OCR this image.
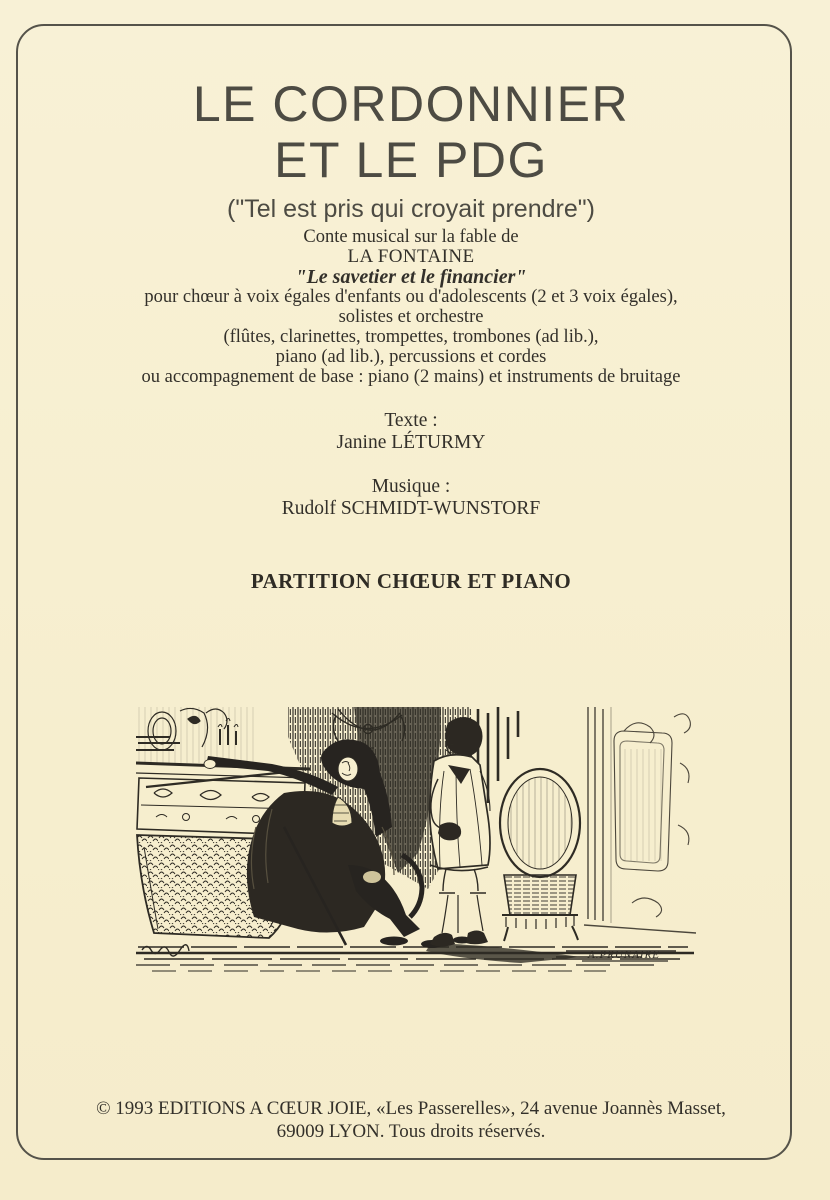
LE CORDONNIER
ET LE PDG
("Tel est pris qui croyait prendre")
Conte musical sur la fable de
LA FONTAINE
"Le savetier et le financier"
pour chœur à voix égales d'enfants ou d'adolescents (2 et 3 voix égales),
solistes et orchestre
(flûtes, clarinettes, trompettes, trombones (ad lib.),
piano (ad lib.), percussions et cordes
ou accompagnement de base : piano (2 mains) et instruments de bruitage
Texte :
Janine LÉTURMY
Musique :
Rudolf SCHMIDT-WUNSTORF
PARTITION CHŒUR ET PIANO
A.PRUNAIRE
© 1993 EDITIONS A CŒUR JOIE, «Les Passerelles», 24 avenue Joannès Masset,
69009 LYON. Tous droits réservés.
